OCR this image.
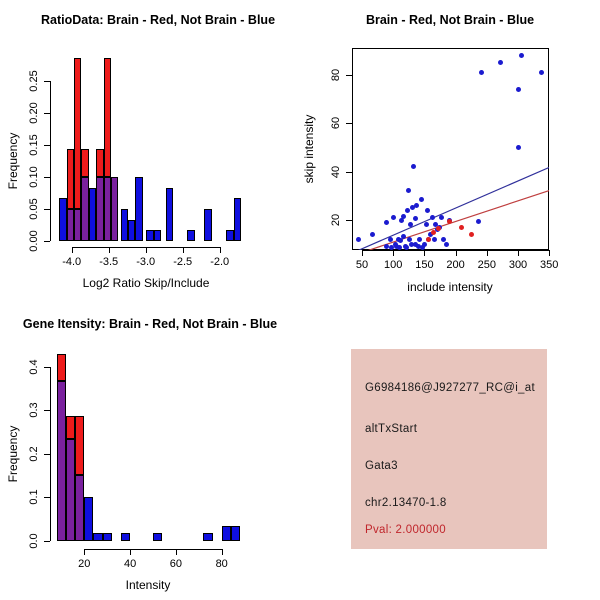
RatioData: Brain - Red, Not Brain - Blue
Log2 Ratio Skip/Include
Frequency
-4.0 -3.5 -3.0 -2.5 -2.0
0.00
0.05
0.10
0.15
0.20
0.25
Brain - Red, Not Brain - Blue
include intensity
skip intensity
50 100 150 200 250 300 350
20
40
60
80
Gene Itensity: Brain - Red, Not Brain - Blue
Intensity
Frequency
20	40	60	80
0.0
0.1
0.2
0.3
0.4
G6984186@J927277_RC@i_at
altTxStart
Gata3
chr2.13470-1.8
Pval: 2.000000
